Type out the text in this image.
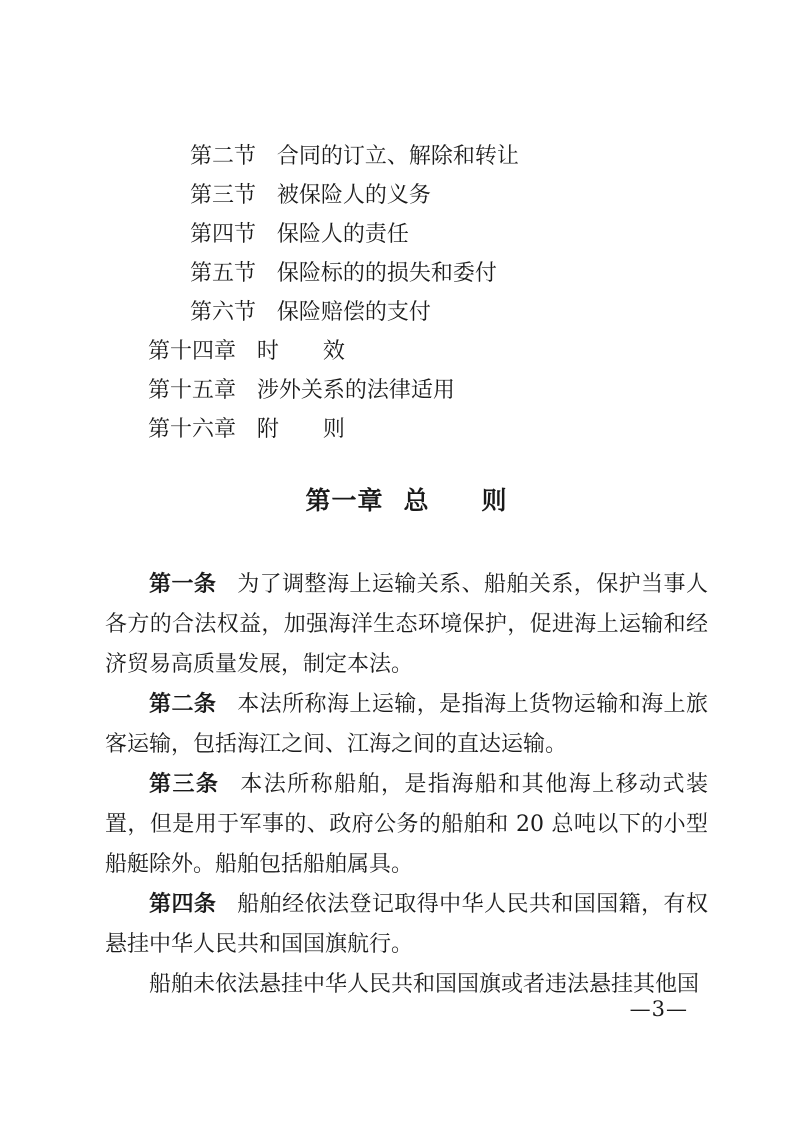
第二节 合同的订立、解除和转让
第三节 被保险人的义务
第四节 保险人的责任
第五节 保险标的的损失和委付
第六节 保险赔偿的支付
第十四章 时　　效
第十五章 涉外关系的法律适用
第十六章 附　　则
第一章 总　　则

第一条 为了调整海上运输关系、船舶关系，保护当事人各方的合法权益，加强海洋生态环境保护，促进海上运输和经济贸易高质量发展，制定本法。

第二条 本法所称海上运输，是指海上货物运输和海上旅客运输，包括海江之间、江海之间的直达运输。

第三条 本法所称船舶，是指海船和其他海上移动式装置，但是用于军事的、政府公务的船舶和 20 总吨以下的小型船艇除外。船舶包括船舶属具。

第四条 船舶经依法登记取得中华人民共和国国籍，有权悬挂中华人民共和国国旗航行。

船舶未依法悬挂中华人民共和国国旗或者违法悬挂其他国

—3—
